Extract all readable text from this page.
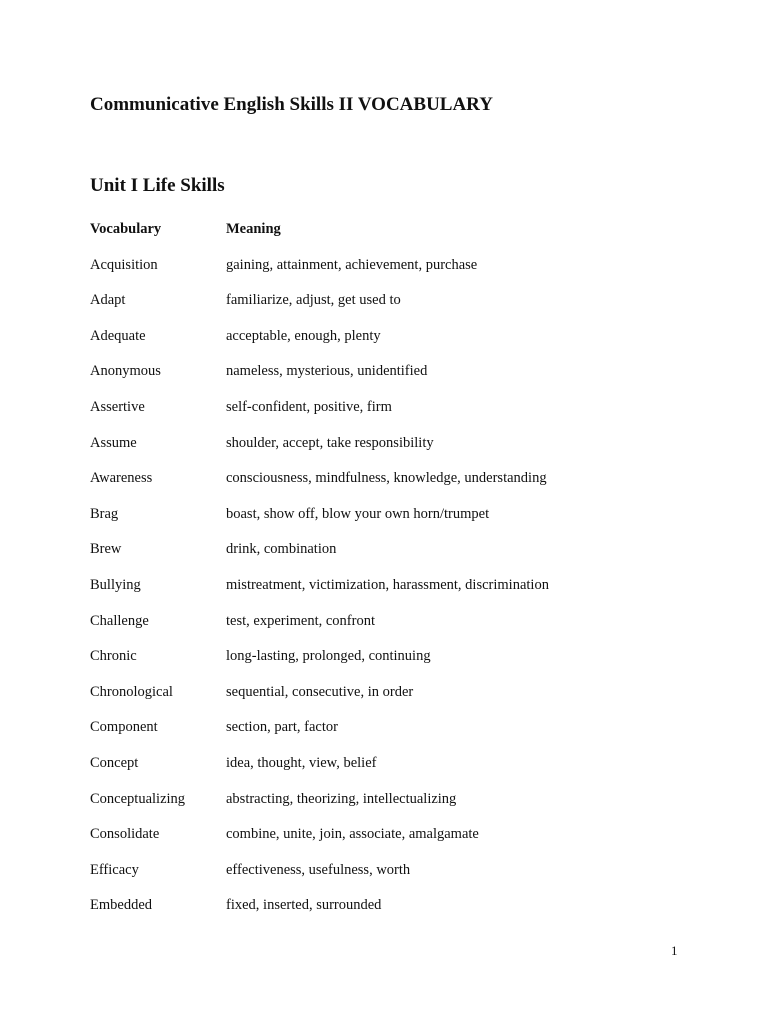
Communicative English Skills II VOCABULARY
Unit I Life Skills
Vocabulary	Meaning
Acquisition	gaining, attainment, achievement, purchase
Adapt	familiarize, adjust, get used to
Adequate	acceptable, enough, plenty
Anonymous	nameless, mysterious, unidentified
Assertive	self-confident, positive, firm
Assume	shoulder, accept, take responsibility
Awareness	consciousness, mindfulness, knowledge, understanding
Brag	boast, show off, blow your own horn/trumpet
Brew	drink, combination
Bullying	mistreatment, victimization, harassment, discrimination
Challenge	test, experiment, confront
Chronic	long-lasting, prolonged, continuing
Chronological	sequential, consecutive, in order
Component	section, part, factor
Concept	idea, thought, view, belief
Conceptualizing	abstracting, theorizing, intellectualizing
Consolidate	combine, unite, join, associate, amalgamate
Efficacy	effectiveness, usefulness, worth
Embedded	fixed, inserted, surrounded
1
